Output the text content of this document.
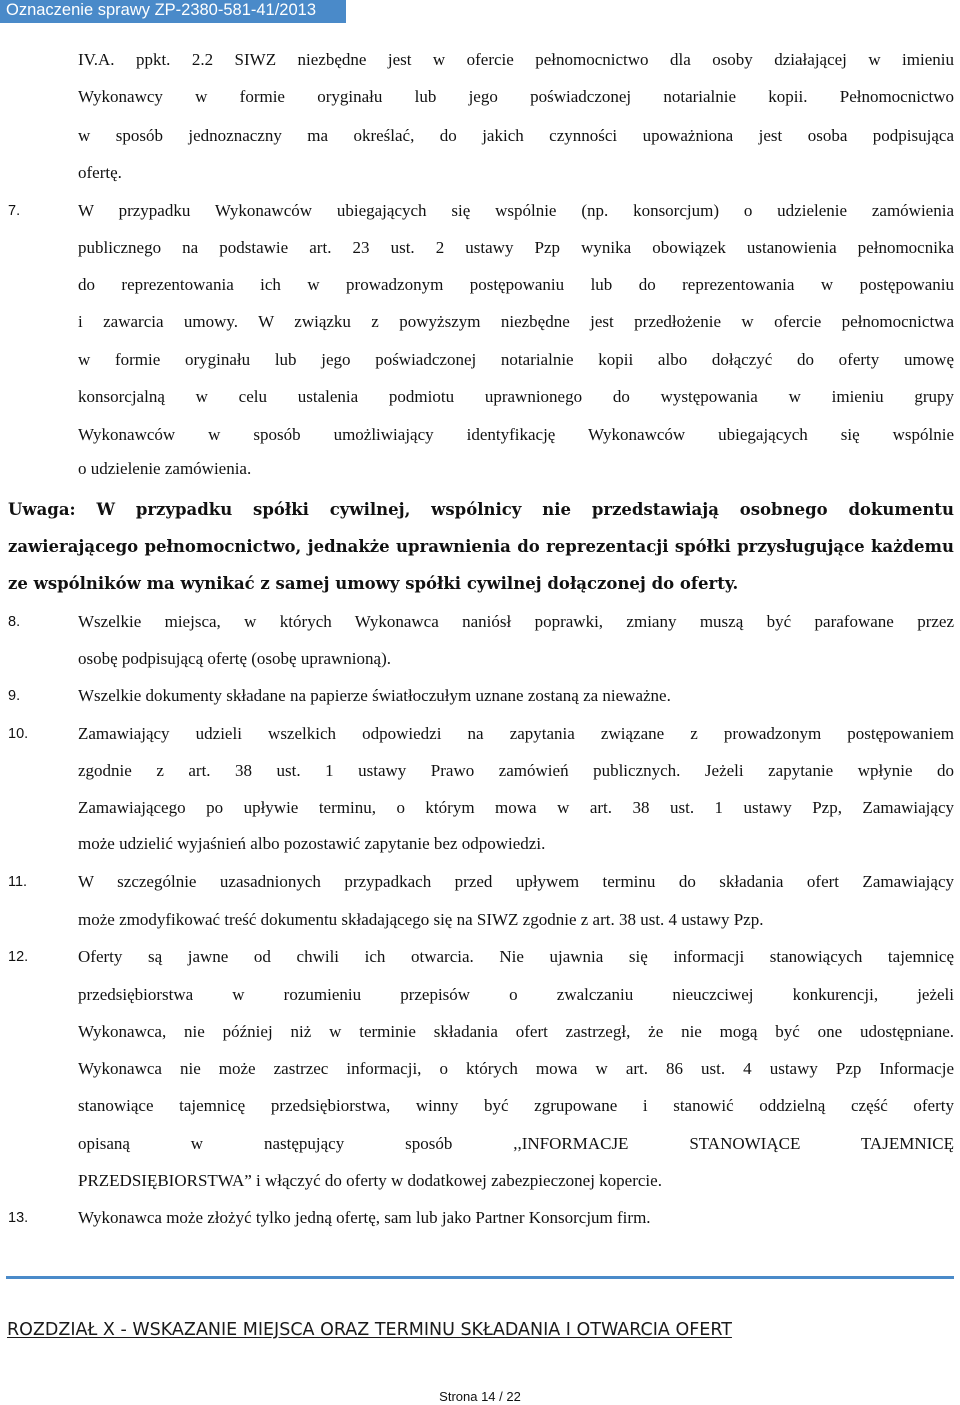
Oznaczenie sprawy ZP-2380-581-41/2013
IV.A. ppkt. 2.2 SIWZ niezbędne jest w ofercie pełnomocnictwo dla osoby działającej w imieniu
Wykonawcy w formie oryginału lub jego poświadczonej notarialnie kopii. Pełnomocnictwo
w sposób jednoznaczny ma określać, do jakich czynności upoważniona jest osoba podpisująca
ofertę.
7.	W przypadku Wykonawców ubiegających się wspólnie (np. konsorcjum) o udzielenie zamówienia
publicznego na podstawie art. 23 ust. 2 ustawy Pzp wynika obowiązek ustanowienia pełnomocnika
do reprezentowania ich w prowadzonym postępowaniu lub do reprezentowania w postępowaniu
i zawarcia umowy. W związku z powyższym niezbędne jest przedłożenie w ofercie pełnomocnictwa
w formie oryginału lub jego poświadczonej notarialnie kopii albo dołączyć do oferty umowę
konsorcjalną w celu ustalenia podmiotu uprawnionego do występowania w imieniu grupy
Wykonawców w sposób umożliwiający identyfikację Wykonawców ubiegających się wspólnie
o udzielenie zamówienia.
Uwaga: W przypadku spółki cywilnej, wspólnicy nie przedstawiają osobnego dokumentu
zawierającego pełnomocnictwo, jednakże uprawnienia do reprezentacji spółki przysługujące każdemu
ze wspólników ma wynikać z samej umowy spółki cywilnej dołączonej do oferty.
8.	Wszelkie miejsca, w których Wykonawca naniósł poprawki, zmiany muszą być parafowane przez
osobę podpisującą ofertę (osobę uprawnioną).
9.	Wszelkie dokumenty składane na papierze światłoczułym uznane zostaną za nieważne.
10.	Zamawiający udzieli wszelkich odpowiedzi na zapytania związane z prowadzonym postępowaniem
zgodnie z art. 38 ust. 1 ustawy Prawo zamówień publicznych. Jeżeli zapytanie wpłynie do
Zamawiającego po upływie terminu, o którym mowa w art. 38 ust. 1 ustawy Pzp, Zamawiający
może udzielić wyjaśnień albo pozostawić zapytanie bez odpowiedzi.
11.	W szczególnie uzasadnionych przypadkach przed upływem terminu do składania ofert Zamawiający
może zmodyfikować treść dokumentu składającego się na SIWZ zgodnie z art. 38 ust. 4 ustawy Pzp.
12.	Oferty są jawne od chwili ich otwarcia. Nie ujawnia się informacji stanowiących tajemnicę
przedsiębiorstwa w rozumieniu przepisów o zwalczaniu nieuczciwej konkurencji, jeżeli
Wykonawca, nie później niż w terminie składania ofert zastrzegł, że nie mogą być one udostępniane.
Wykonawca nie może zastrzec informacji, o których mowa w art. 86 ust. 4 ustawy Pzp Informacje
stanowiące tajemnicę przedsiębiorstwa, winny być zgrupowane i stanowić oddzielną część oferty
opisaną w następujący sposób ,,INFORMACJE STANOWIĄCE TAJEMNICĘ
PRZEDSIĘBIORSTWA” i włączyć do oferty w dodatkowej zabezpieczonej kopercie.
13.	Wykonawca może złożyć tylko jedną ofertę, sam lub jako Partner Konsorcjum firm.
ROZDZIAŁ X - WSKAZANIE MIEJSCA ORAZ TERMINU SKŁADANIA I OTWARCIA OFERT
Strona 14 / 22
